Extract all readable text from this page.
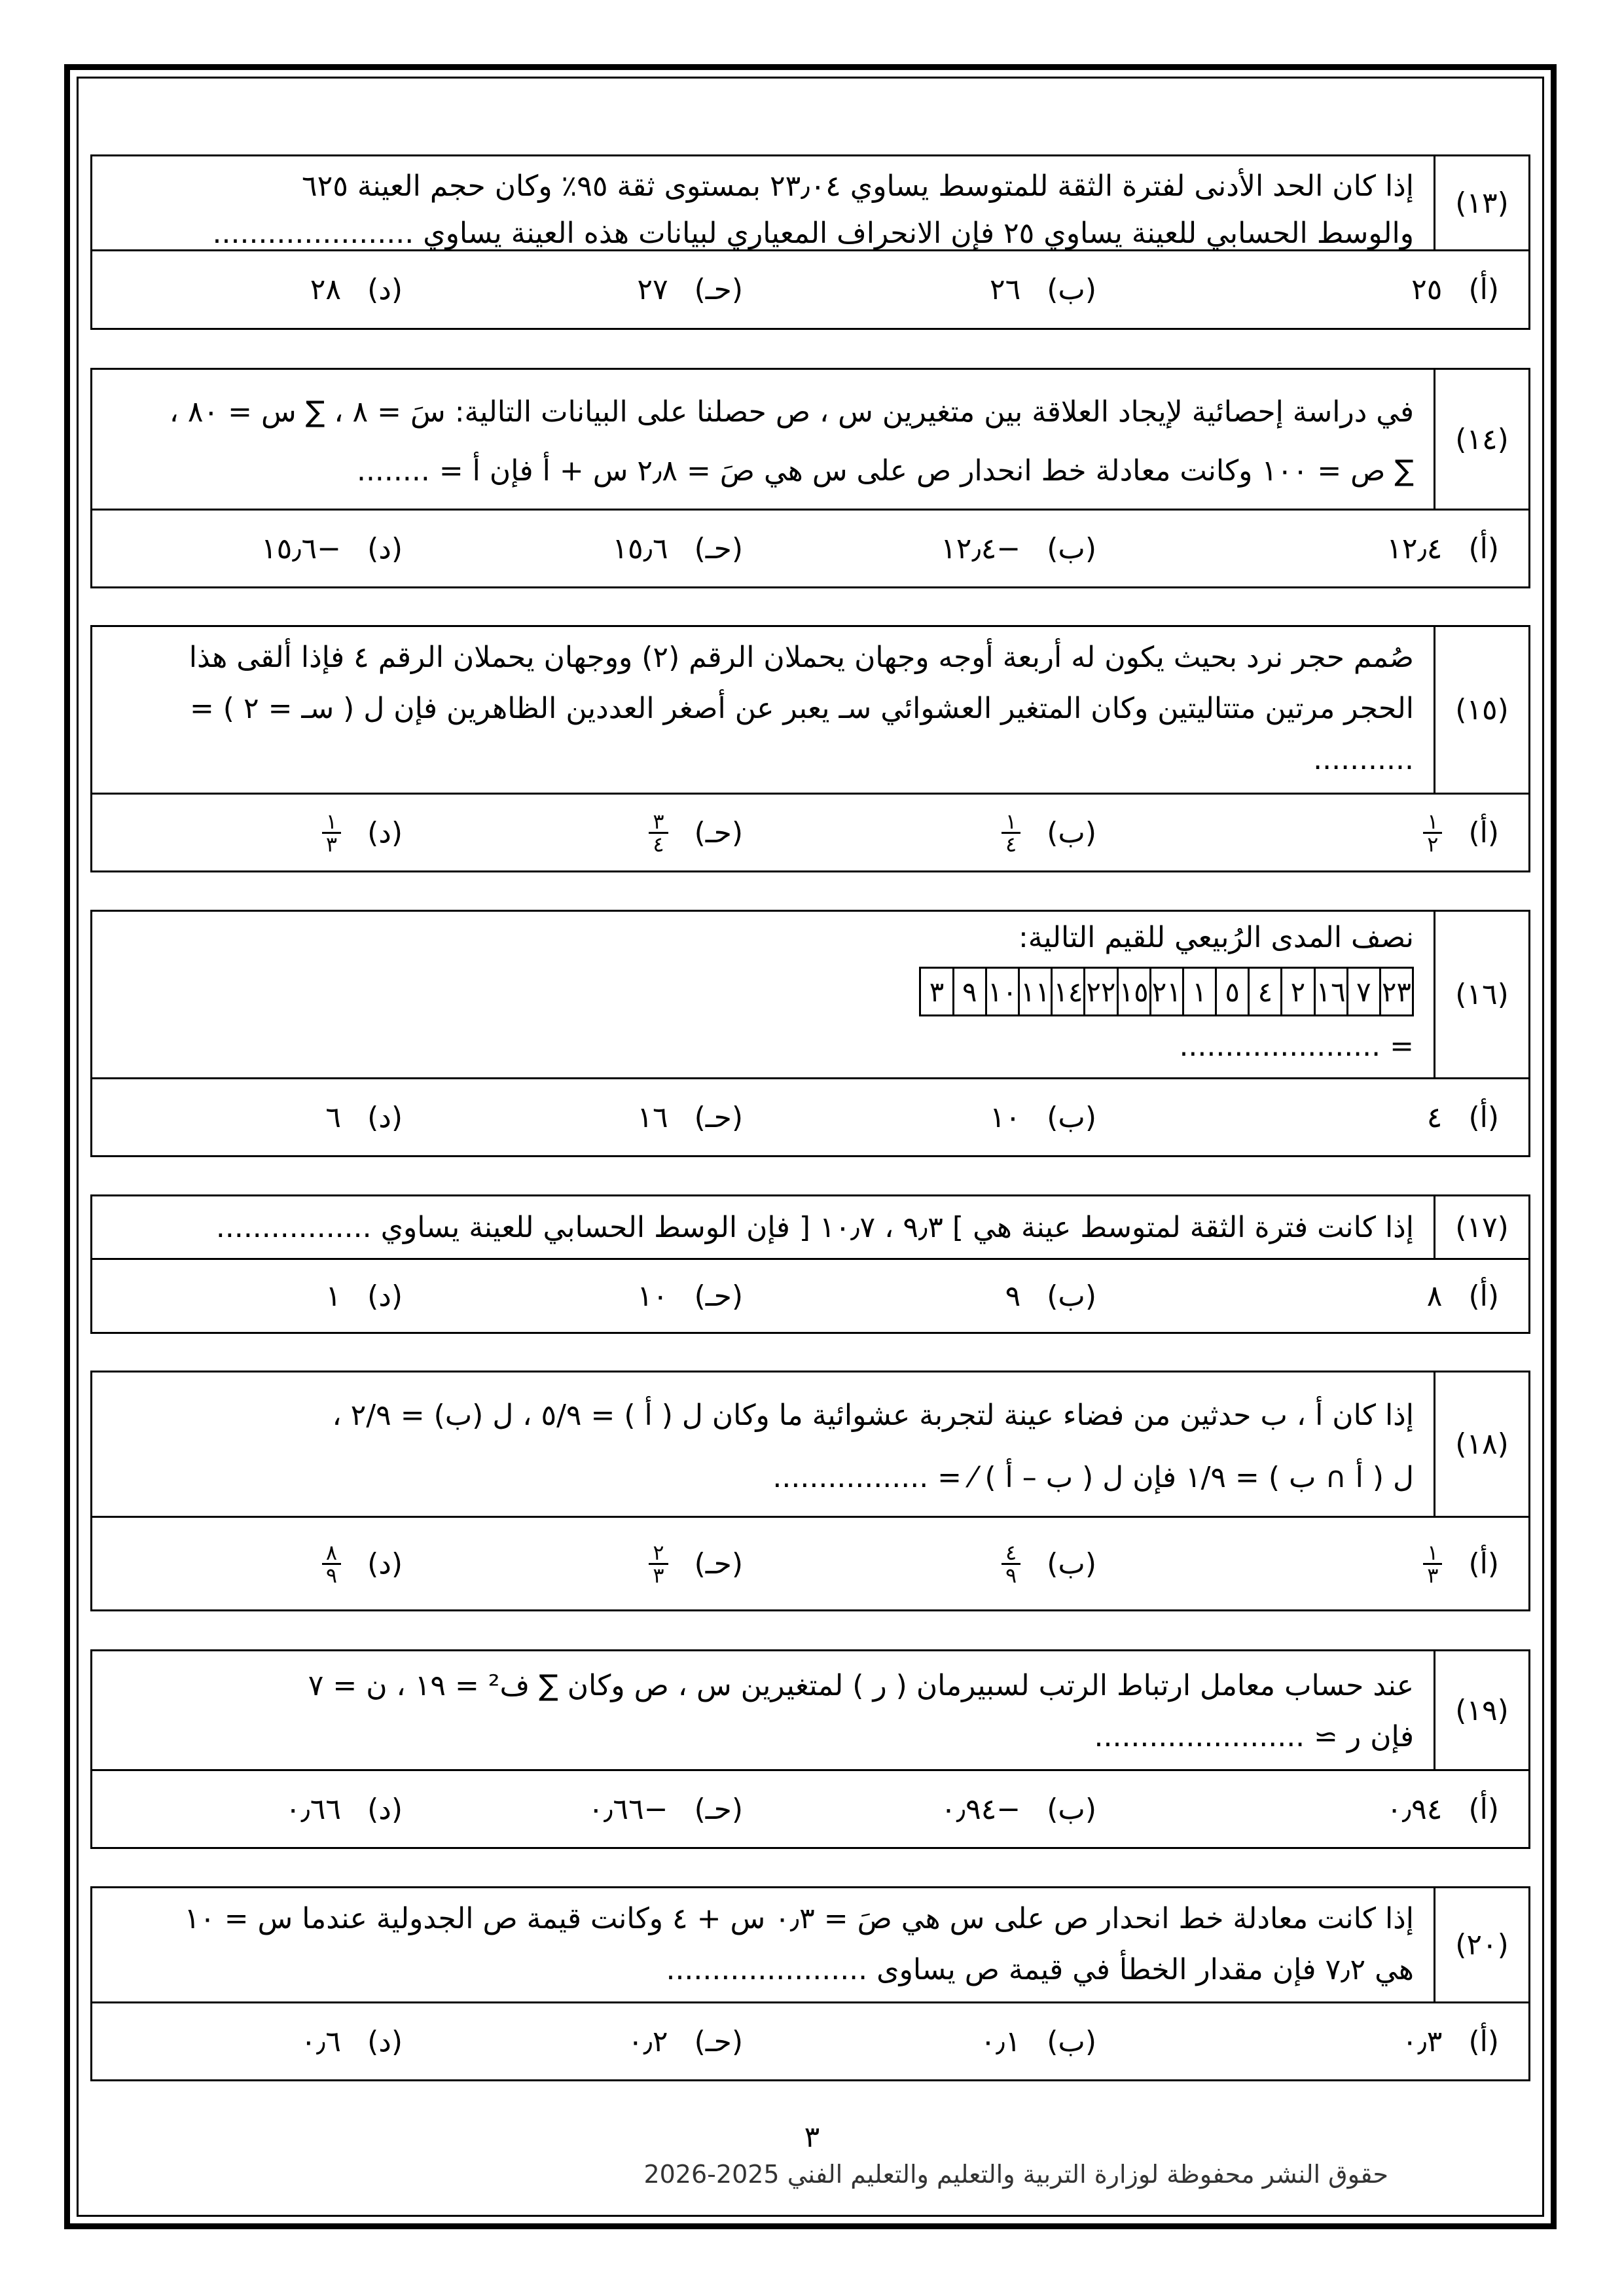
(١٣)
إذا كان الحد الأدنى لفترة الثقة للمتوسط يساوي ٢٣٫٠٤ بمستوى ثقة ٩٥٪ وكان حجم العينة ٦٢٥
والوسط الحسابي للعينة يساوي ٢٥ فإن الانحراف المعياري لبيانات هذه العينة يساوي ......................
(أ)
٢٥
(ب)
٢٦
(حـ)
٢٧
(د)
٢٨
(١٤)
في دراسة إحصائية لإيجاد العلاقة بين متغيرين س ، ص حصلنا على البيانات التالية: سَ = ٨ ، ∑ س = ٨٠ ،
∑ ص = ١٠٠ وكانت معادلة خط انحدار ص على س هي صَ = ٢٫٨ س + أ فإن أ = ........
(أ)
١٢٫٤
(ب)
−١٢٫٤
(حـ)
١٥٫٦
(د)
−١٥٫٦
(١٥)
صُمم حجر نرد بحيث يكون له أربعة أوجه وجهان يحملان الرقم (٢) ووجهان يحملان الرقم ٤ فإذا ألقى هذا
الحجر مرتين متتاليتين وكان المتغير العشوائي سـ يعبر عن أصغر العددين الظاهرين فإن ل ( سـ = ٢ ) =
...........
(أ)
$\frac{١}{٢}$
(ب)
$\frac{١}{٤}$
(حـ)
$\frac{٣}{٤}$
(د)
$\frac{١}{٣}$
(١٦)
نصف المدى الرُبيعي للقيم التالية:
٢٣	٧	١٦	٢	٤	٥	١	٢١	١٥	٢٢	١٤	١١	١٠	٩	٣
= ......................
(أ)
٤
(ب)
١٠
(حـ)
١٦
(د)
٦
(١٧)
إذا كانت فترة الثقة لمتوسط عينة هي ] ٩٫٣ ، ١٠٫٧ [ فإن الوسط الحسابي للعينة يساوي .................
(أ)
٨
(ب)
٩
(حـ)
١٠
(د)
١
(١٨)
إذا كان أ ، ب حدثين من فضاء عينة لتجربة عشوائية ما وكان ل ( أ ) = ٥/٩ ، ل (ب) = ٢/٩ ،
ل ( أ ∩ ب ) = ١/٩ فإن ل ( ب – أ ) ⁄ = .................
(أ)
$\frac{١}{٣}$
(ب)
$\frac{٤}{٩}$
(حـ)
$\frac{٢}{٣}$
(د)
$\frac{٨}{٩}$
(١٩)
عند حساب معامل ارتباط الرتب لسبيرمان ( ر ) لمتغيرين س ، ص وكان ∑ ف² = ١٩ ، ن = ٧
فإن ر ≃ .......................
(أ)
٠٫٩٤
(ب)
−٠٫٩٤
(حـ)
−٠٫٦٦
(د)
٠٫٦٦
(٢٠)
إذا كانت معادلة خط انحدار ص على س هي صَ = ٠٫٣ س + ٤ وكانت قيمة ص الجدولية عندما س = ١٠
هي ٧٫٢ فإن مقدار الخطأ في قيمة ص يساوى ......................
(أ)
٠٫٣
(ب)
٠٫١
(حـ)
٠٫٢
(د)
٠٫٦
٣
حقوق النشر محفوظة لوزارة التربية والتعليم والتعليم الفني 2025-2026
